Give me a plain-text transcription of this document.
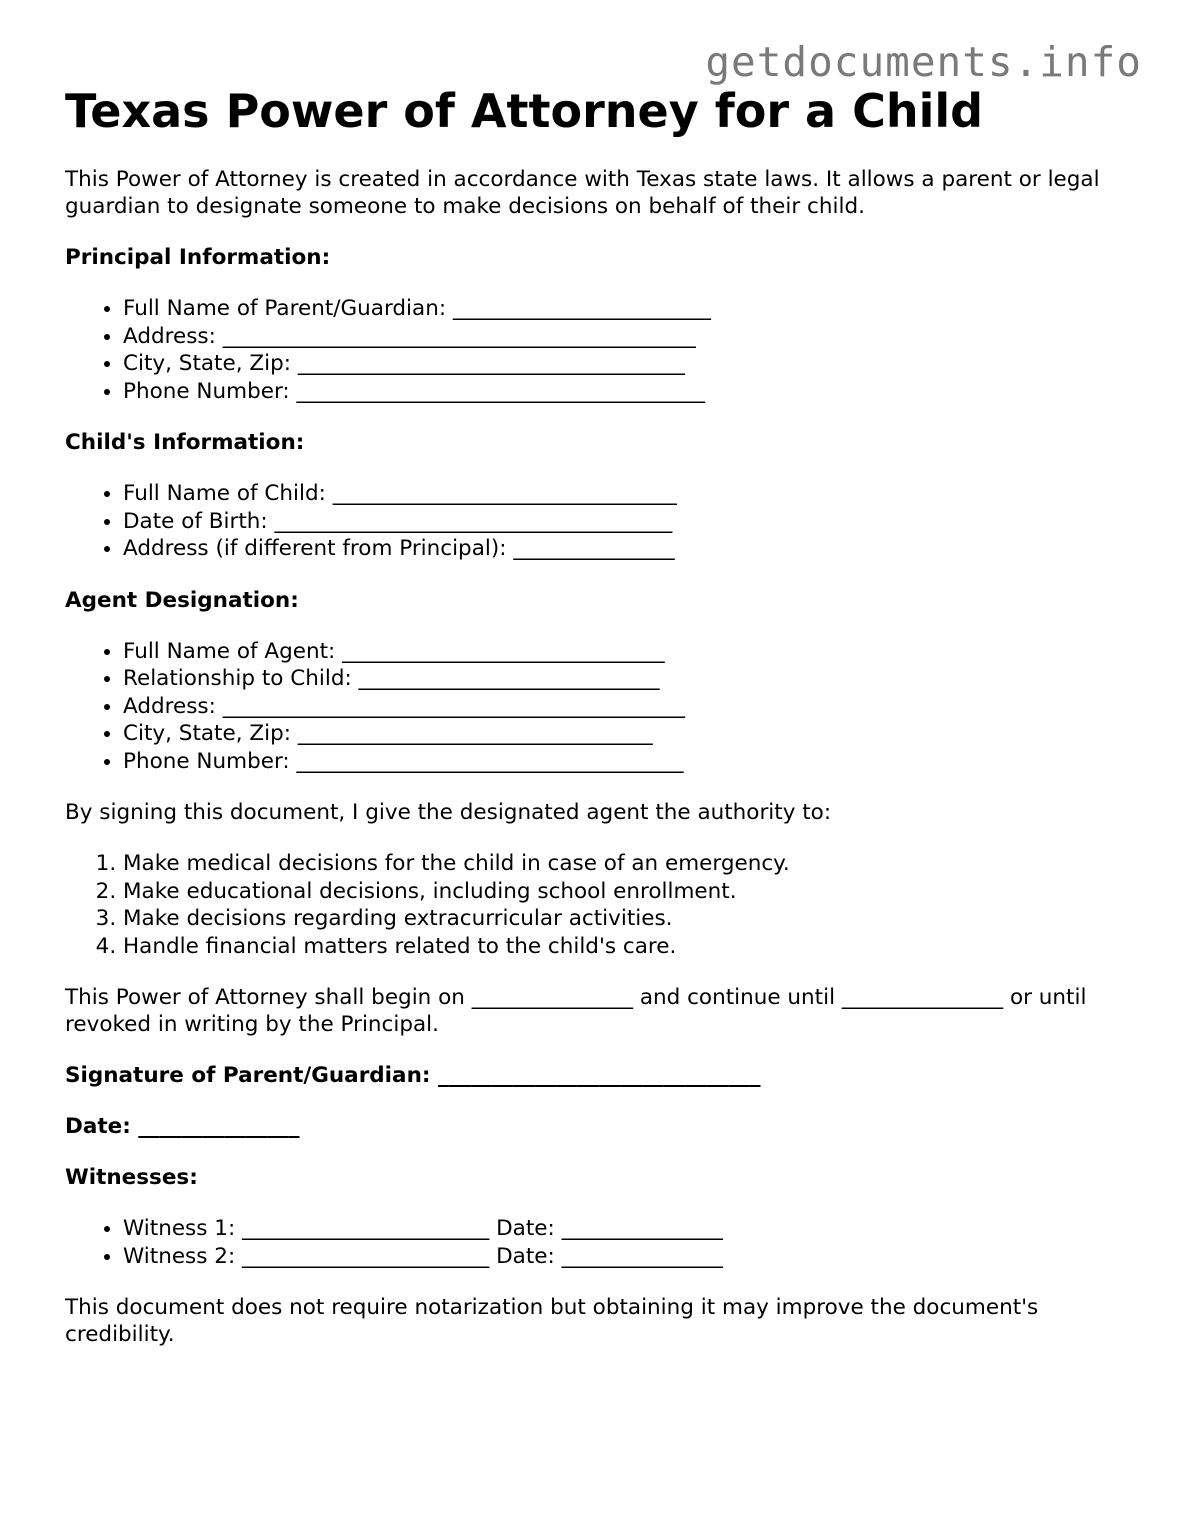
getdocuments.info
Texas Power of Attorney for a Child

This Power of Attorney is created in accordance with Texas state laws. It allows a parent or legal guardian to designate someone to make decisions on behalf of their child.

Principal Information:
• Full Name of Parent/Guardian: ________________________
• Address: ____________________________________________
• City, State, Zip: ____________________________________
• Phone Number: ______________________________________
Child's Information:
• Full Name of Child: ________________________________
• Date of Birth: _____________________________________
• Address (if different from Principal): _______________
Agent Designation:
• Full Name of Agent: ______________________________
• Relationship to Child: ____________________________
• Address: ___________________________________________
• City, State, Zip: _________________________________
• Phone Number: ____________________________________

By signing this document, I give the designated agent the authority to:

1. Make medical decisions for the child in case of an emergency.
2. Make educational decisions, including school enrollment.
3. Make decisions regarding extracurricular activities.
4. Handle financial matters related to the child's care.

This Power of Attorney shall begin on _______________ and continue until _______________ or until revoked in writing by the Principal.

Signature of Parent/Guardian: ______________________________
Date: _______________
Witnesses:
• Witness 1: _______________________ Date: _______________
• Witness 2: _______________________ Date: _______________

This document does not require notarization but obtaining it may improve the document's credibility.
